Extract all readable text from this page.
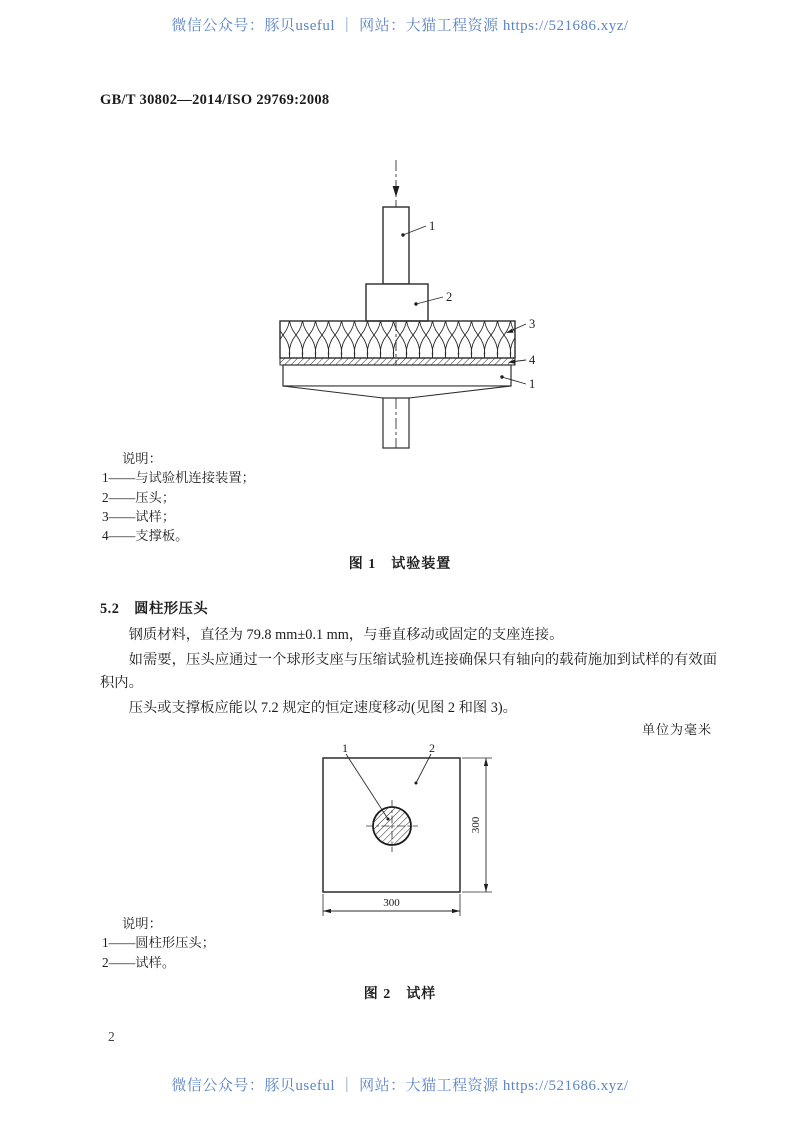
微信公众号：豚贝useful ｜ 网站：大猫工程资源 https://521686.xyz/
GB/T 30802—2014/ISO 29769:2008
1
2
3
4
1
说明：
1——与试验机连接装置；
2——压头；
3——试样；
4——支撑板。
图 1　试验装置
5.2　圆柱形压头

钢质材料，直径为 79.8 mm±0.1 mm，与垂直移动或固定的支座连接。

如需要，压头应通过一个球形支座与压缩试验机连接确保只有轴向的载荷施加到试样的有效面积内。

压头或支撑板应能以 7.2 规定的恒定速度移动(见图 2 和图 3)。

单位为毫米
1	2
300
300
说明：
1——圆柱形压头；
2——试样。
图 2　试样
2
微信公众号：豚贝useful ｜ 网站：大猫工程资源 https://521686.xyz/
